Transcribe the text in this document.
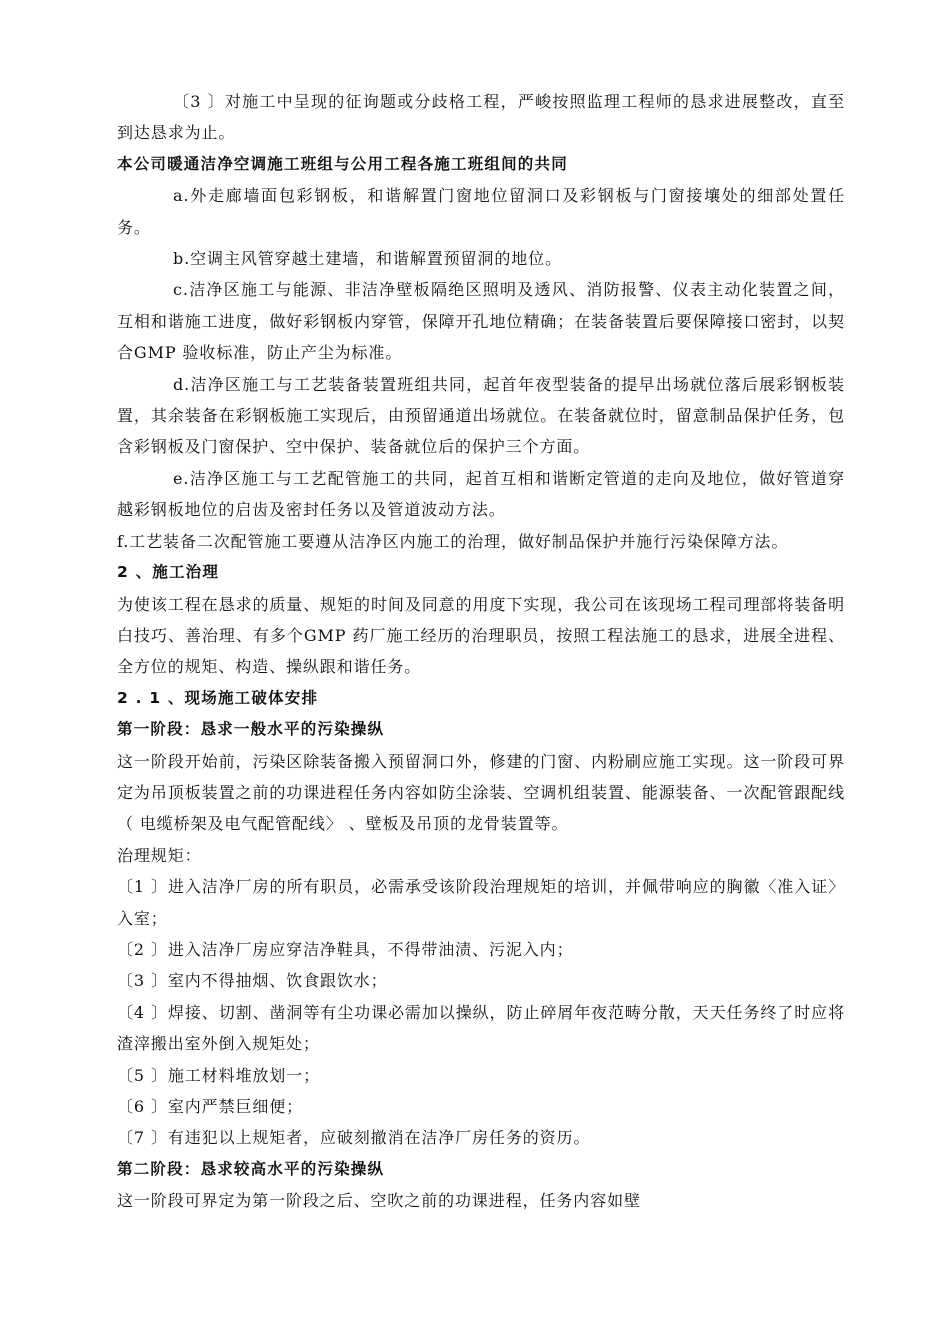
〔3 〕对施工中呈现的征询题或分歧格工程，严峻按照监理工程师的恳求进展整改，直至到达恳求为止。

本公司暖通洁净空调施工班组与公用工程各施工班组间的共同

a.外走廊墙面包彩钢板，和谐解置门窗地位留洞口及彩钢板与门窗接壤处的细部处置任务。

b.空调主风管穿越土建墙，和谐解置预留洞的地位。

c.洁净区施工与能源、非洁净壁板隔绝区照明及透风、消防报警、仪表主动化装置之间，互相和谐施工进度，做好彩钢板内穿管，保障开孔地位精确；在装备装置后要保障接口密封，以契合GMP 验收标准，防止产尘为标准。

d.洁净区施工与工艺装备装置班组共同，起首年夜型装备的提早出场就位落后展彩钢板装置，其余装备在彩钢板施工实现后，由预留通道出场就位。在装备就位时，留意制品保护任务，包含彩钢板及门窗保护、空中保护、装备就位后的保护三个方面。

e.洁净区施工与工艺配管施工的共同，起首互相和谐断定管道的走向及地位，做好管道穿越彩钢板地位的启齿及密封任务以及管道波动方法。

f.工艺装备二次配管施工要遵从洁净区内施工的治理，做好制品保护并施行污染保障方法。

2 、施工治理

为使该工程在恳求的质量、规矩的时间及同意的用度下实现，我公司在该现场工程司理部将装备明白技巧、善治理、有多个GMP 药厂施工经历的治理职员，按照工程法施工的恳求，进展全进程、全方位的规矩、构造、操纵跟和谐任务。

2 . 1 、现场施工破体安排

第一阶段：恳求一般水平的污染操纵

这一阶段开始前，污染区除装备搬入预留洞口外，修建的门窗、内粉刷应施工实现。这一阶段可界定为吊顶板装置之前的功课进程任务内容如防尘涂装、空调机组装置、能源装备、一次配管跟配线（ 电缆桥架及电气配管配线〉 、壁板及吊顶的龙骨装置等。

治理规矩：

〔1 〕进入洁净厂房的所有职员，必需承受该阶段治理规矩的培训，并佩带响应的胸徽〈准入证〉入室；

〔2 〕进入洁净厂房应穿洁净鞋具，不得带油渍、污泥入内；

〔3 〕室内不得抽烟、饮食跟饮水；

〔4 〕焊接、切割、凿洞等有尘功课必需加以操纵，防止碎屑年夜范畴分散，天天任务终了时应将渣滓搬出室外倒入规矩处；

〔5 〕施工材料堆放划一；

〔6 〕室内严禁巨细便；

〔7 〕有违犯以上规矩者，应破刻撤消在洁净厂房任务的资历。

第二阶段：恳求较高水平的污染操纵

这一阶段可界定为第一阶段之后、空吹之前的功课进程，任务内容如壁
